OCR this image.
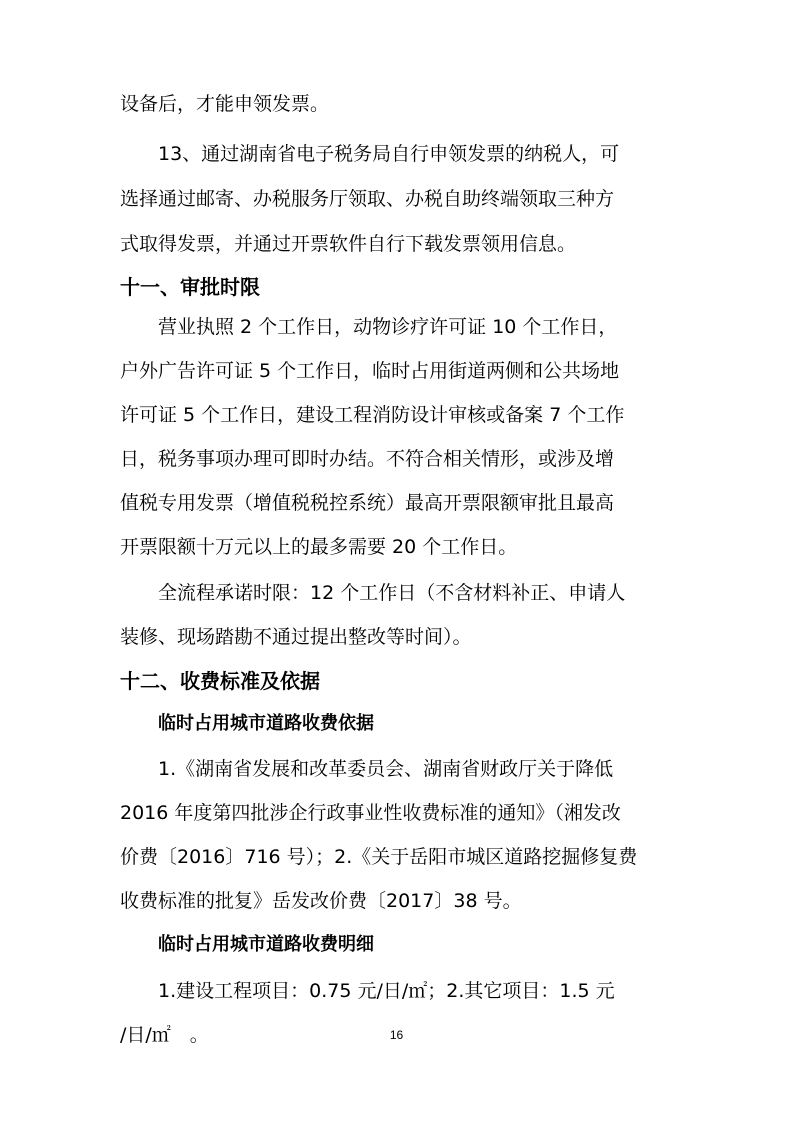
设备后，才能申领发票。
13、通过湖南省电子税务局自行申领发票的纳税人，可
选择通过邮寄、办税服务厅领取、办税自助终端领取三种方
式取得发票，并通过开票软件自行下载发票领用信息。
十一、审批时限
营业执照 2 个工作日，动物诊疗许可证 10 个工作日，
户外广告许可证 5 个工作日，临时占用街道两侧和公共场地
许可证 5 个工作日，建设工程消防设计审核或备案 7 个工作
日，税务事项办理可即时办结。不符合相关情形，或涉及增
值税专用发票（增值税税控系统）最高开票限额审批且最高
开票限额十万元以上的最多需要 20 个工作日。
全流程承诺时限：12 个工作日（不含材料补正、申请人
装修、现场踏勘不通过提出整改等时间）。
十二、收费标准及依据
临时占用城市道路收费依据
1.《湖南省发展和改革委员会、湖南省财政厅关于降低
2016 年度第四批涉企行政事业性收费标准的通知》（湘发改
价费〔2016〕716 号）；2.《关于岳阳市城区道路挖掘修复费
收费标准的批复》岳发改价费〔2017〕38 号。
临时占用城市道路收费明细
1.建设工程项目：0.75 元/日/㎡；2.其它项目：1.5 元
/日/㎡　。	16
